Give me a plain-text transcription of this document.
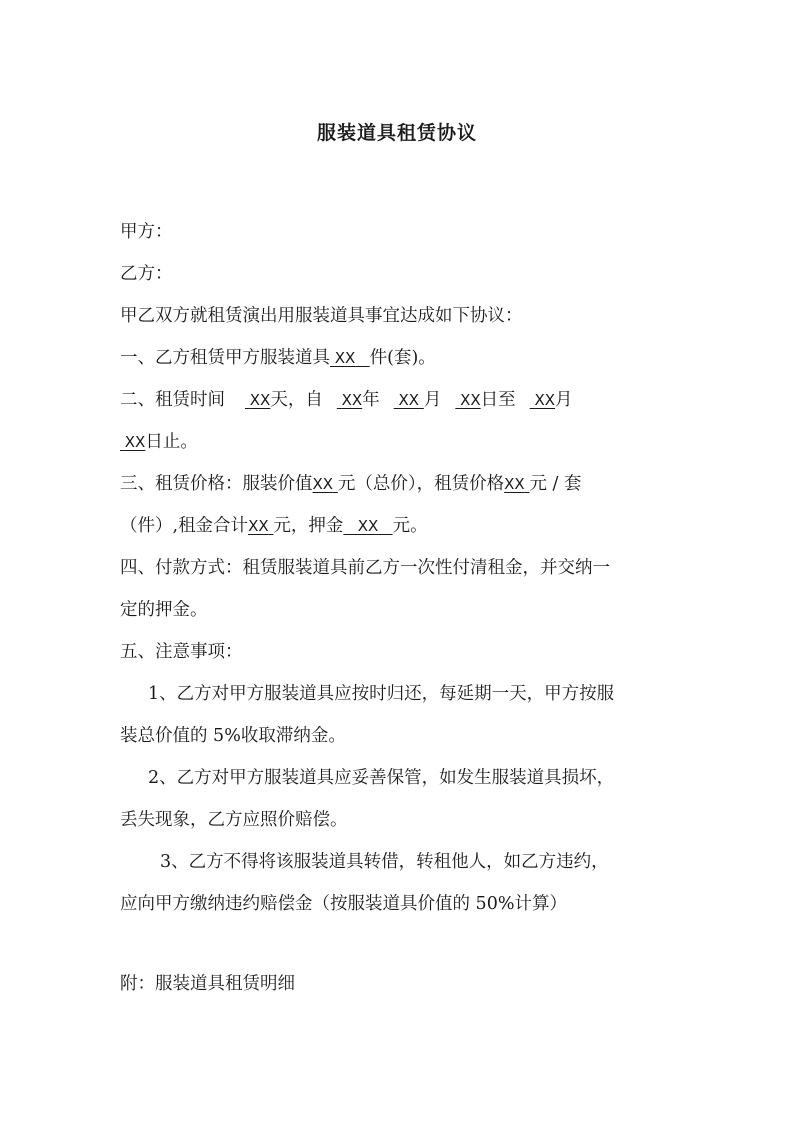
服装道具租赁协议
甲方：
乙方：
甲乙双方就租赁演出用服装道具事宜达成如下协议：
一、乙方租赁甲方服装道具 XX 件(套)。
二、租赁时间 XX天，自 XX年 XX 月 XX日至 XX月
XX日止。
三、租赁价格：服装价值XX 元（总价），租赁价格XX 元 / 套
（件）,租金合计XX 元，押金 XX 元。
四、付款方式：租赁服装道具前乙方一次性付清租金，并交纳一
定的押金。
五、注意事项：
1、乙方对甲方服装道具应按时归还，每延期一天，甲方按服
装总价值的 5%收取滞纳金。
2、乙方对甲方服装道具应妥善保管，如发生服装道具损坏，
丢失现象，乙方应照价赔偿。
3、乙方不得将该服装道具转借，转租他人，如乙方违约，
应向甲方缴纳违约赔偿金（按服装道具价值的 50%计算）
附：服装道具租赁明细
